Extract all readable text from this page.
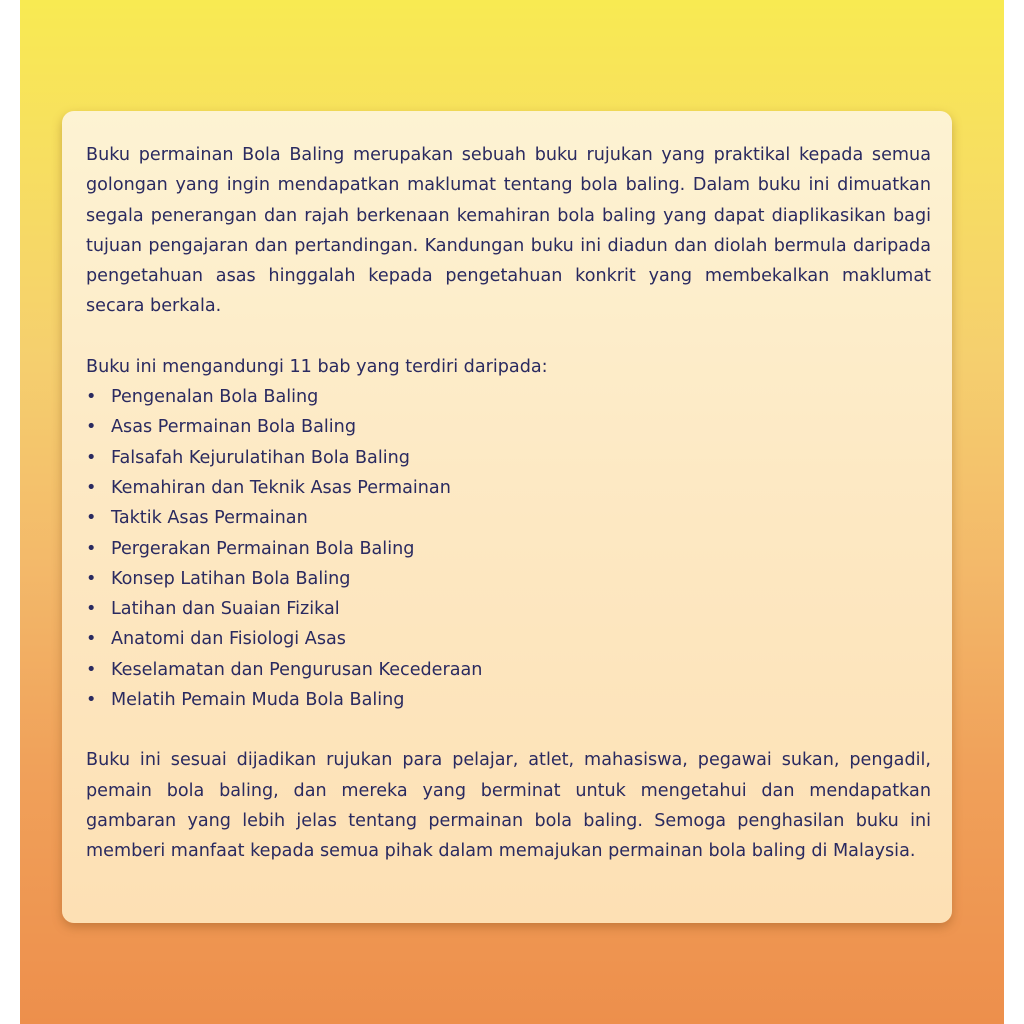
Buku permainan Bola Baling merupakan sebuah buku rujukan yang praktikal kepada semua golongan yang ingin mendapatkan maklumat tentang bola baling. Dalam buku ini dimuatkan segala penerangan dan rajah berkenaan kemahiran bola baling yang dapat diaplikasikan bagi tujuan pengajaran dan pertandingan. Kandungan buku ini diadun dan diolah bermula daripada pengetahuan asas hinggalah kepada pengetahuan konkrit yang membekalkan maklumat secara berkala.

Buku ini mengandungi 11 bab yang terdiri daripada:

• Pengenalan Bola Baling
• Asas Permainan Bola Baling
• Falsafah Kejurulatihan Bola Baling
• Kemahiran dan Teknik Asas Permainan
• Taktik Asas Permainan
• Pergerakan Permainan Bola Baling
• Konsep Latihan Bola Baling
• Latihan dan Suaian Fizikal
• Anatomi dan Fisiologi Asas
• Keselamatan dan Pengurusan Kecederaan
• Melatih Pemain Muda Bola Baling

Buku ini sesuai dijadikan rujukan para pelajar, atlet, mahasiswa, pegawai sukan, pengadil, pemain bola baling, dan mereka yang berminat untuk mengetahui dan mendapatkan gambaran yang lebih jelas tentang permainan bola baling. Semoga penghasilan buku ini memberi manfaat kepada semua pihak dalam memajukan permainan bola baling di Malaysia.
